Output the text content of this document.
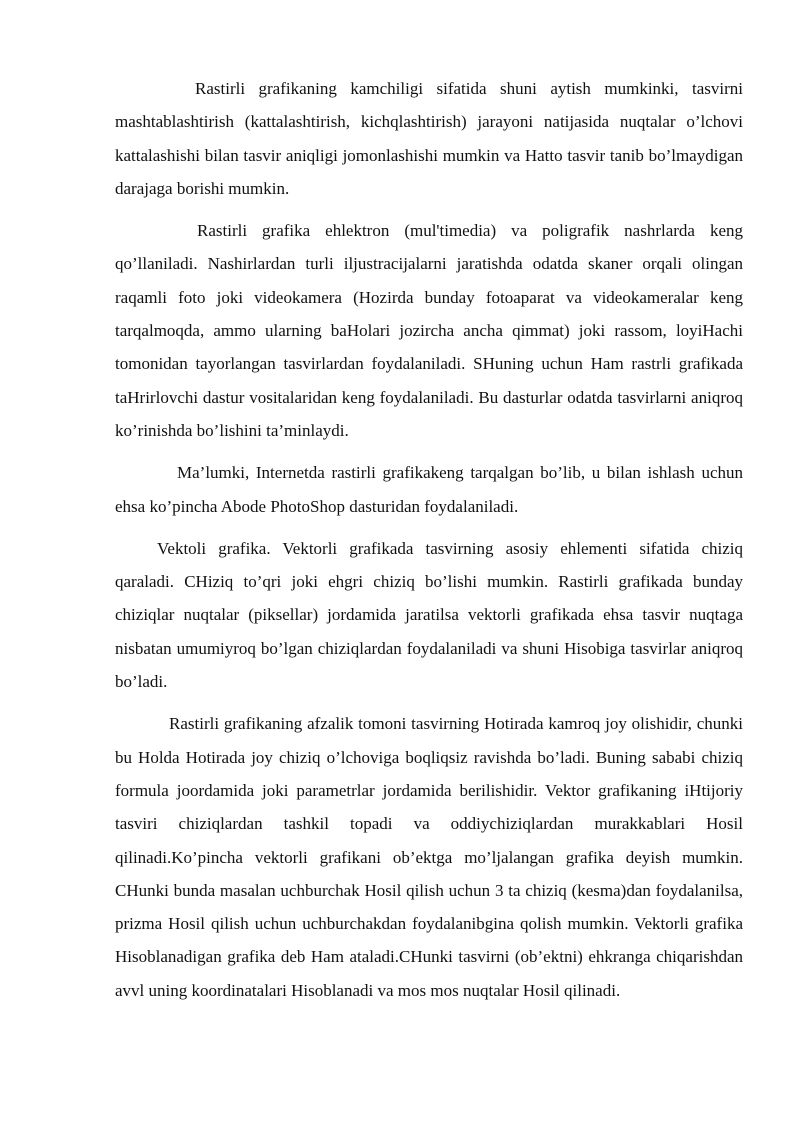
Rastirli grafikaning kamchiligi sifatida shuni aytish mumkinki, tasvirni mashtablashtirish (kattalashtirish, kichqlashtirish) jarayoni natijasida nuqtalar o’lchovi kattalashishi bilan tasvir aniqligi jomonlashishi mumkin va Hatto tasvir tanib bo’lmaydigan darajaga borishi mumkin.

Rastirli grafika ehlektron (mul'timedia) va poligrafik nashrlarda keng qo’llaniladi. Nashirlardan turli iljustracijalarni jaratishda odatda skaner orqali olingan raqamli foto joki videokamera (Hozirda bunday fotoaparat va videokameralar keng tarqalmoqda, ammo ularning baHolari jozircha ancha qimmat) joki rassom, loyiHachi tomonidan tayorlangan tasvirlardan foydalaniladi. SHuning uchun Ham rastrli grafikada taHrirlovchi dastur vositalaridan keng foydalaniladi. Bu dasturlar odatda tasvirlarni aniqroq ko’rinishda bo’lishini ta’minlaydi.

Ma’lumki, Internetda rastirli grafikakeng tarqalgan bo’lib, u bilan ishlash uchun ehsa ko’pincha Abode PhotoShop dasturidan foydalaniladi.

Vektoli grafika. Vektorli grafikada tasvirning asosiy ehlementi sifatida chiziq qaraladi. CHiziq to’qri joki ehgri chiziq bo’lishi mumkin. Rastirli grafikada bunday chiziqlar nuqtalar (piksellar) jordamida jaratilsa vektorli grafikada ehsa tasvir nuqtaga nisbatan umumiyroq bo’lgan chiziqlardan foydalaniladi va shuni Hisobiga tasvirlar aniqroq bo’ladi.

Rastirli grafikaning afzalik tomoni tasvirning Hotirada kamroq joy olishidir, chunki bu Holda Hotirada joy chiziq o’lchoviga boqliqsiz ravishda bo’ladi. Buning sababi chiziq formula joordamida joki parametrlar jordamida berilishidir. Vektor grafikaning iHtijoriy tasviri chiziqlardan tashkil topadi va oddiychiziqlardan murakkablari Hosil qilinadi.Ko’pincha vektorli grafikani ob’ektga mo’ljalangan grafika deyish mumkin. CHunki bunda masalan uchburchak Hosil qilish uchun 3 ta chiziq (kesma)dan foydalanilsa, prizma Hosil qilish uchun uchburchakdan foydalanibgina qolish mumkin. Vektorli grafika Hisoblanadigan grafika deb Ham ataladi.CHunki tasvirni (ob’ektni) ehkranga chiqarishdan avvl uning koordinatalari Hisoblanadi va mos mos nuqtalar Hosil qilinadi.
